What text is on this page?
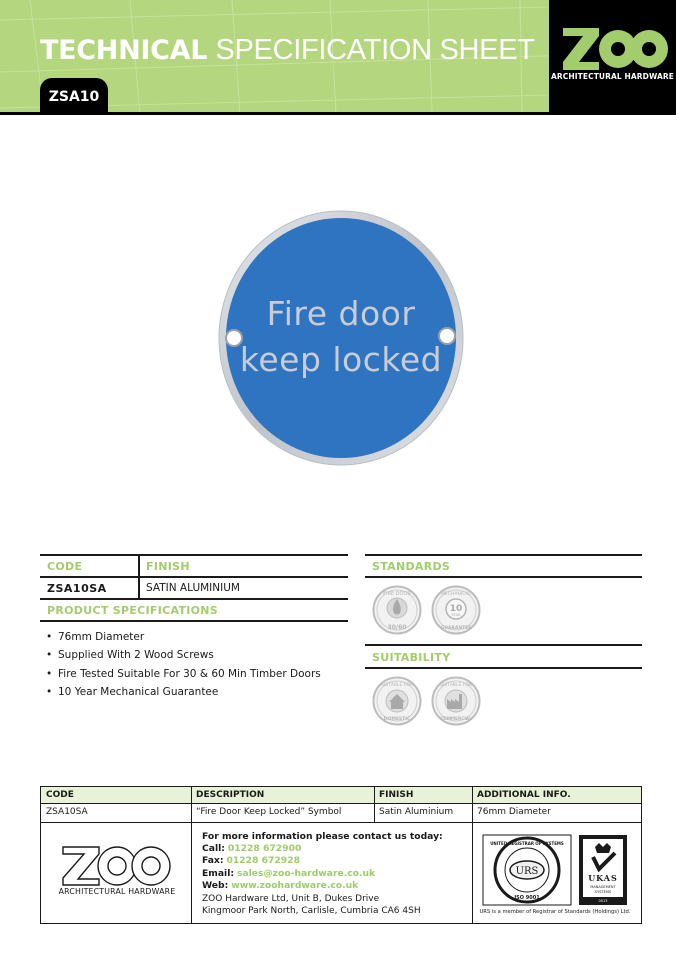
TECHNICAL SPECIFICATION SHEET
ZSA10
ARCHITECTURAL HARDWARE
Fire door
keep locked
CODE	FINISH
ZSA10SA	SATIN ALUMINIUM
PRODUCT SPECIFICATIONS
• 76mm Diameter
• Supplied With 2 Wood Screws
• Fire Tested Suitable For 30 & 60 Min Timber Doors
• 10 Year Mechanical Guarantee
STANDARDS
FIRE DOOR
30/60
10
YEAR
MECHANICAL
GUARANTEE
SUITABILITY
SUITABLE FOR
DOMESTIC
SUITABLE FOR
COMMERCIAL
CODE	DESCRIPTION	FINISH	ADDITIONAL INFO.
ZSA10SA	“Fire Door Keep Locked” Symbol	Satin Aluminium	76mm Diameter
ARCHITECTURAL HARDWARE
For more information please contact us today:
Call: 01228 672900
Fax: 01228 672928
Email: sales@zoo-hardware.co.uk
Web: www.zoohardware.co.uk
ZOO Hardware Ltd, Unit B, Dukes Drive
Kingmoor Park North, Carlisle, Cumbria CA6 4SH
URS
UNITED REGISTRAR OF SYSTEMS
ISO 9001
UKAS
MANAGEMENT
SYSTEMS
0013
URS is a member of Registrar of Standards (Holdings) Ltd.
